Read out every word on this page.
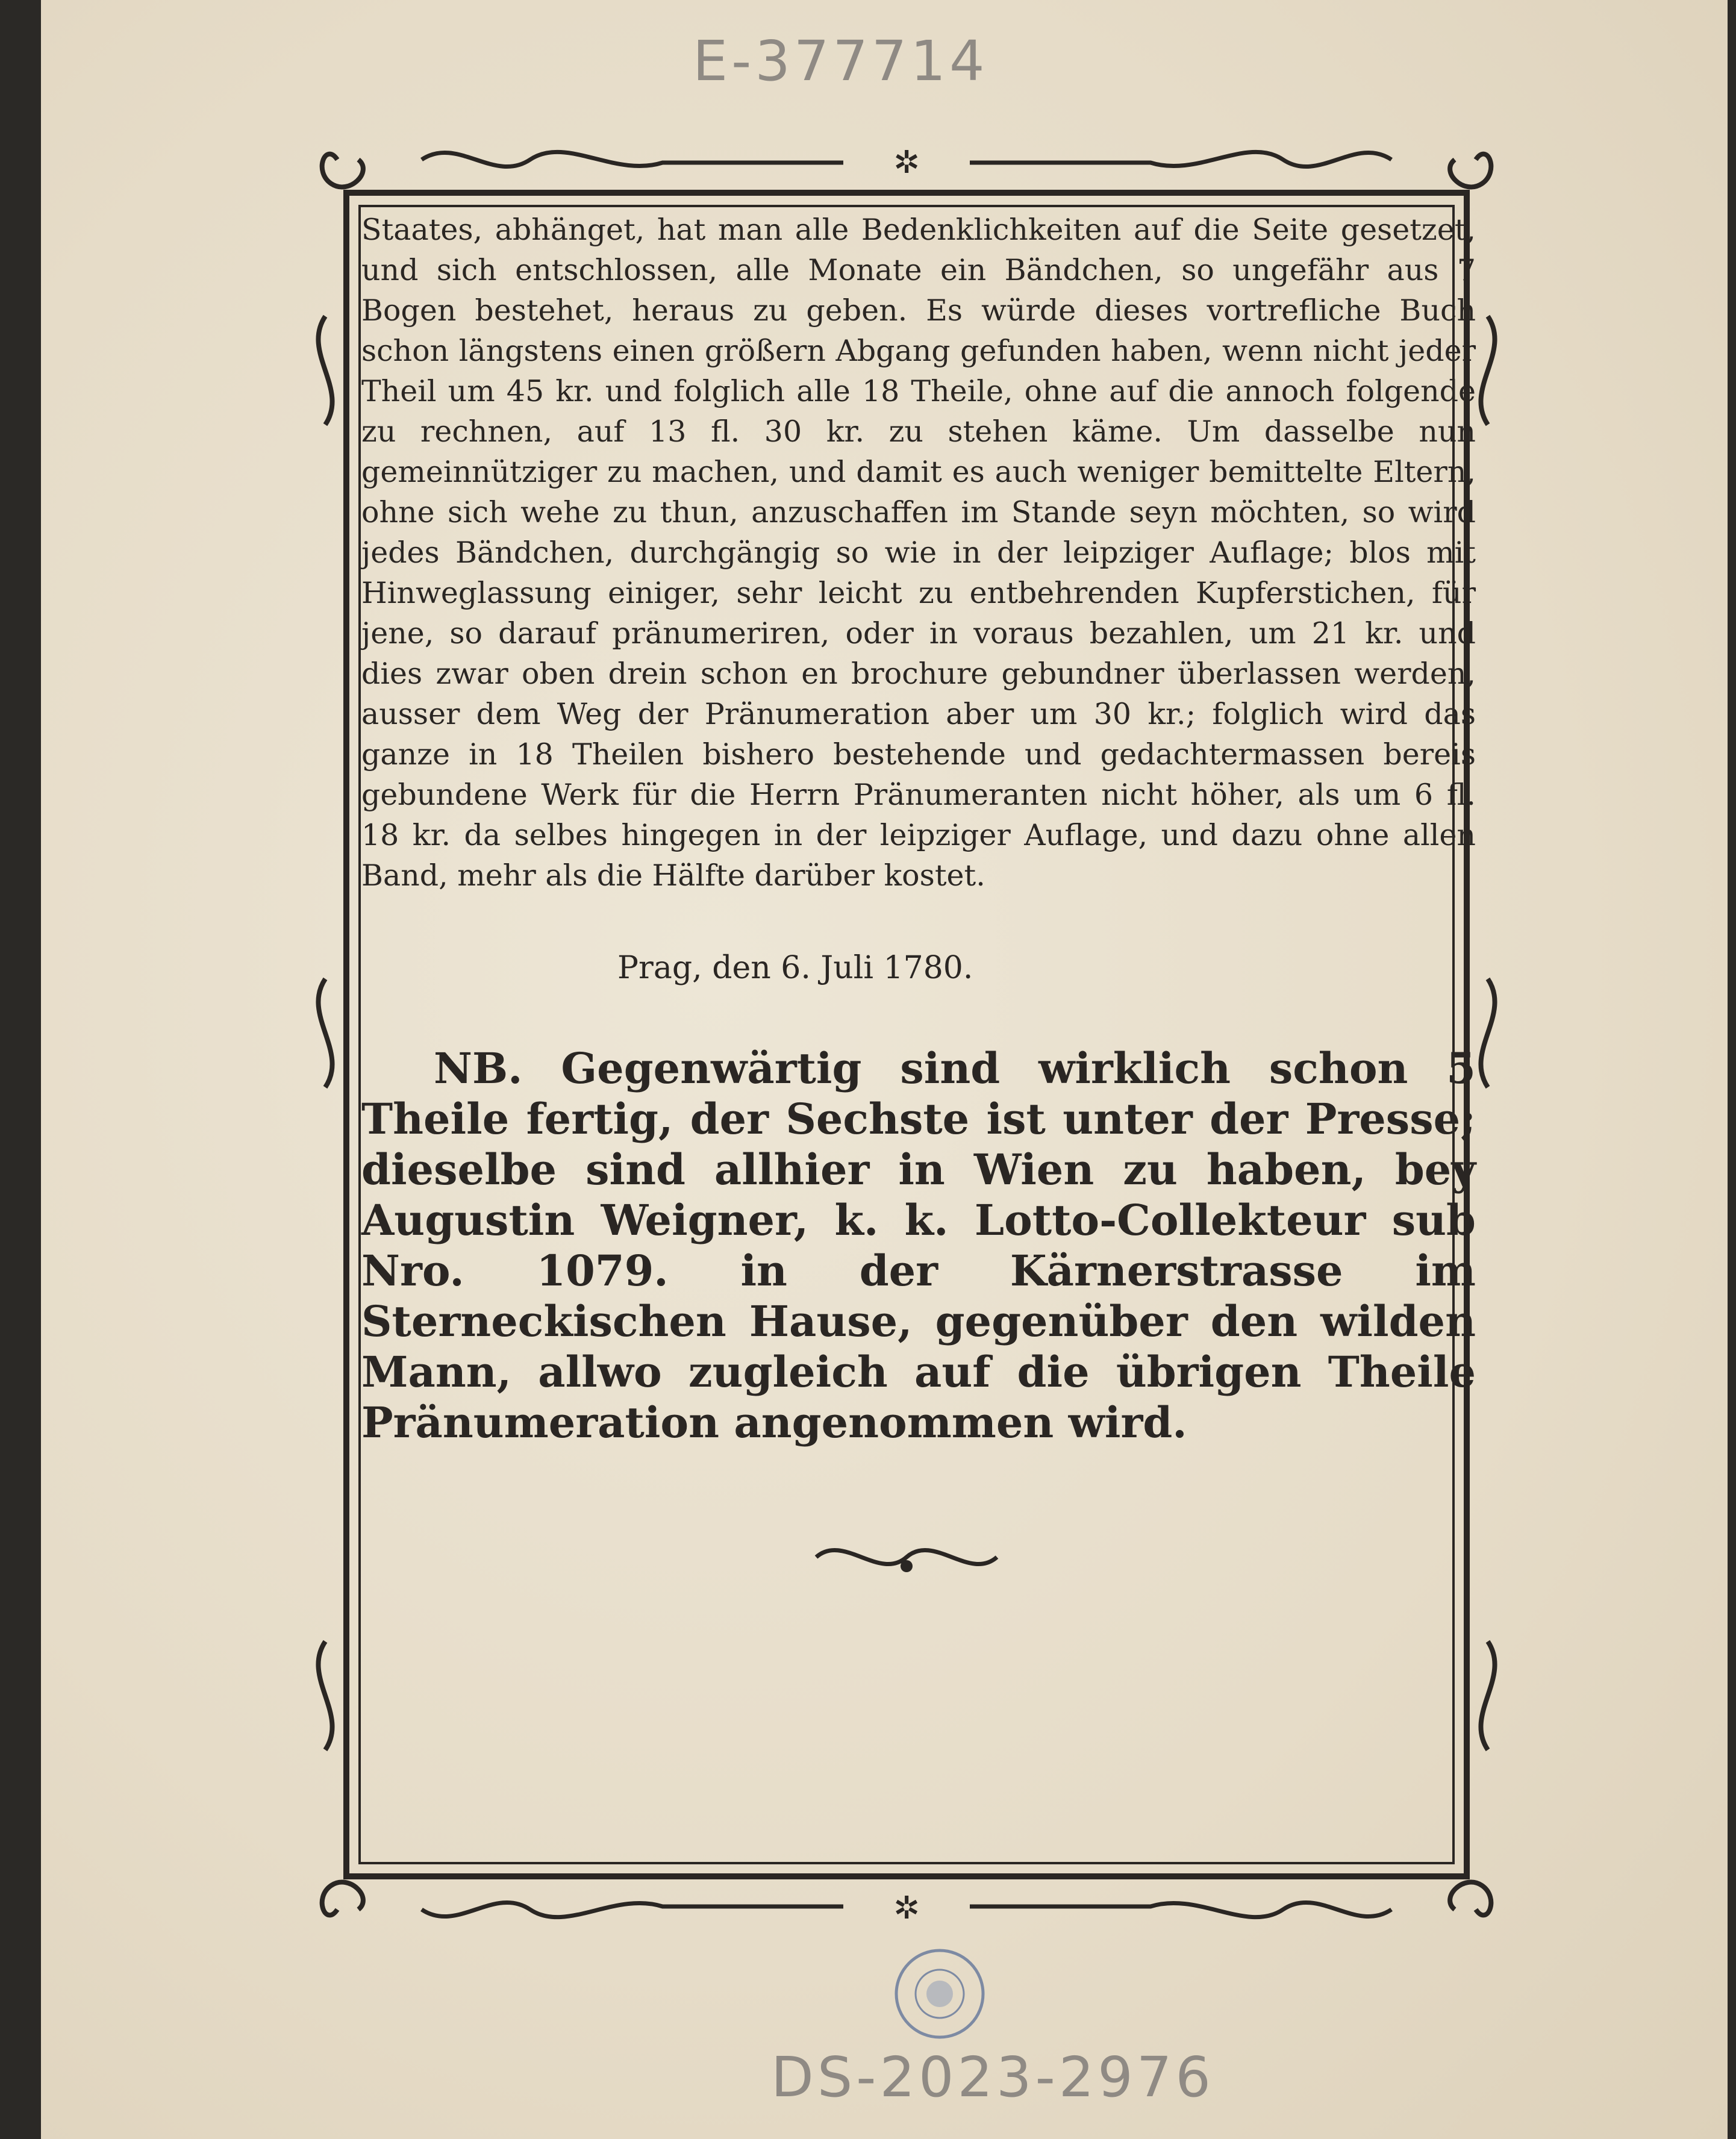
E-377714
✲
✲

Staates, abhänget, hat man alle Bedenklichkeiten auf die Seite gesetzet, und sich entschlossen, alle Monate ein Bändchen, so ungefähr aus 7 Bogen bestehet, heraus zu geben. Es würde dieses vortrefliche Buch schon längstens einen größern Abgang gefunden haben, wenn nicht jeder Theil um 45 kr. und folglich alle 18 Theile, ohne auf die annoch folgende zu rechnen, auf 13 fl. 30 kr. zu stehen käme. Um dasselbe nun gemeinnütziger zu machen, und damit es auch weniger bemittelte Eltern, ohne sich wehe zu thun, anzuschaffen im Stande seyn möchten, so wird jedes Bändchen, durchgängig so wie in der leipziger Auflage; blos mit Hinweglassung einiger, sehr leicht zu entbehrenden Kupferstichen, für jene, so darauf pränumeriren, oder in voraus bezahlen, um 21 kr. und dies zwar oben drein schon en brochure gebundner überlassen werden, ausser dem Weg der Pränumeration aber um 30 kr.; folglich wird das ganze in 18 Theilen bishero bestehende und gedachtermassen bereis gebundene Werk für die Herrn Pränumeranten nicht höher, als um 6 fl. 18 kr. da selbes hingegen in der leipziger Auflage, und dazu ohne allen Band, mehr als die Hälfte darüber kostet.

Prag, den 6. Juli 1780.

NB. Gegenwärtig sind wirklich schon 5 Theile fertig, der Sechste ist unter der Presse; dieselbe sind allhier in Wien zu haben, bey Augustin Weigner, k. k. Lotto-Collekteur sub Nro. 1079. in der Kärnerstrasse im Sterneckischen Hause, gegenüber den wilden Mann, allwo zugleich auf die übrigen Theile Pränumeration angenommen wird.

DS-2023-2976
